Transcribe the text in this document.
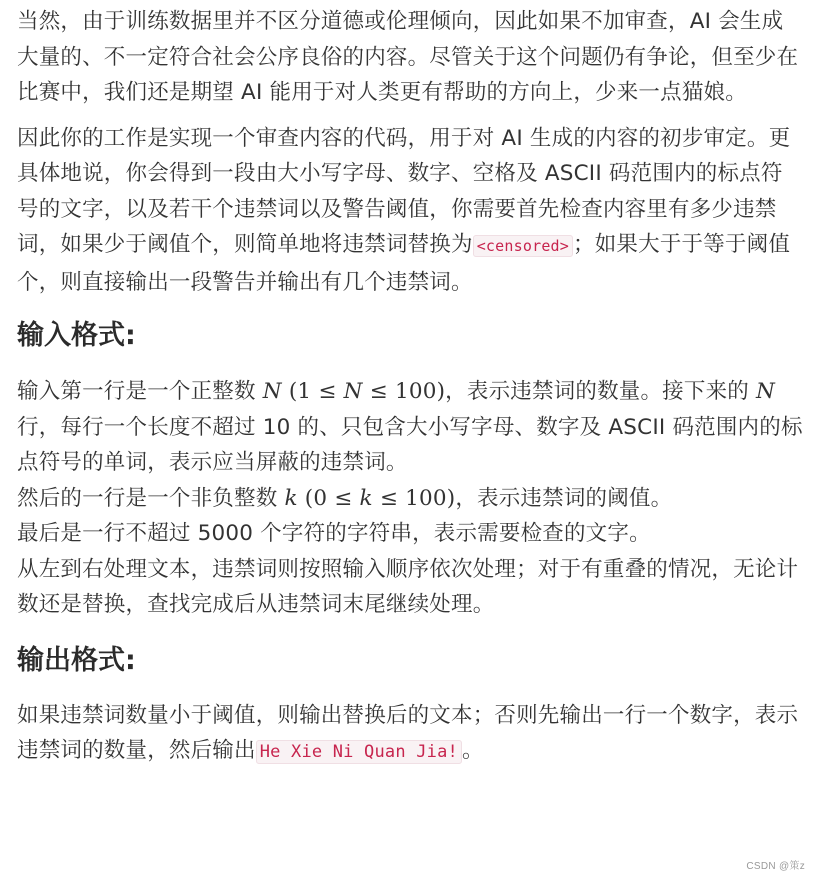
当然，由于训练数据里并不区分道德或伦理倾向，因此如果不加审查，AI 会生成大量的、不一定符合社会公序良俗的内容。尽管关于这个问题仍有争论，但至少在比赛中，我们还是期望 AI 能用于对人类更有帮助的方向上，少来一点猫娘。

因此你的工作是实现一个审查内容的代码，用于对 AI 生成的内容的初步审定。更具体地说，你会得到一段由大小写字母、数字、空格及 ASCII 码范围内的标点符号的文字，以及若干个违禁词以及警告阈值，你需要首先检查内容里有多少违禁词，如果少于阈值个，则简单地将违禁词替换为 <censored> ；如果大于于等于阈值个，则直接输出一段警告并输出有几个违禁词。

输入格式:

输入第一行是一个正整数 N (1 ≤ N ≤ 100)，表示违禁词的数量。接下来的 N 行，每行一个长度不超过 10 的、只包含大小写字母、数字及 ASCII 码范围内的标点符号的单词，表示应当屏蔽的违禁词。
然后的一行是一个非负整数 k (0 ≤ k ≤ 100)，表示违禁词的阈值。
最后是一行不超过 5000 个字符的字符串，表示需要检查的文字。
从左到右处理文本，违禁词则按照输入顺序依次处理；对于有重叠的情况，无论计数还是替换，查找完成后从违禁词末尾继续处理。

输出格式:

如果违禁词数量小于阈值，则输出替换后的文本；否则先输出一行一个数字，表示违禁词的数量，然后输出 He Xie Ni Quan Jia! 。

CSDN @策z
